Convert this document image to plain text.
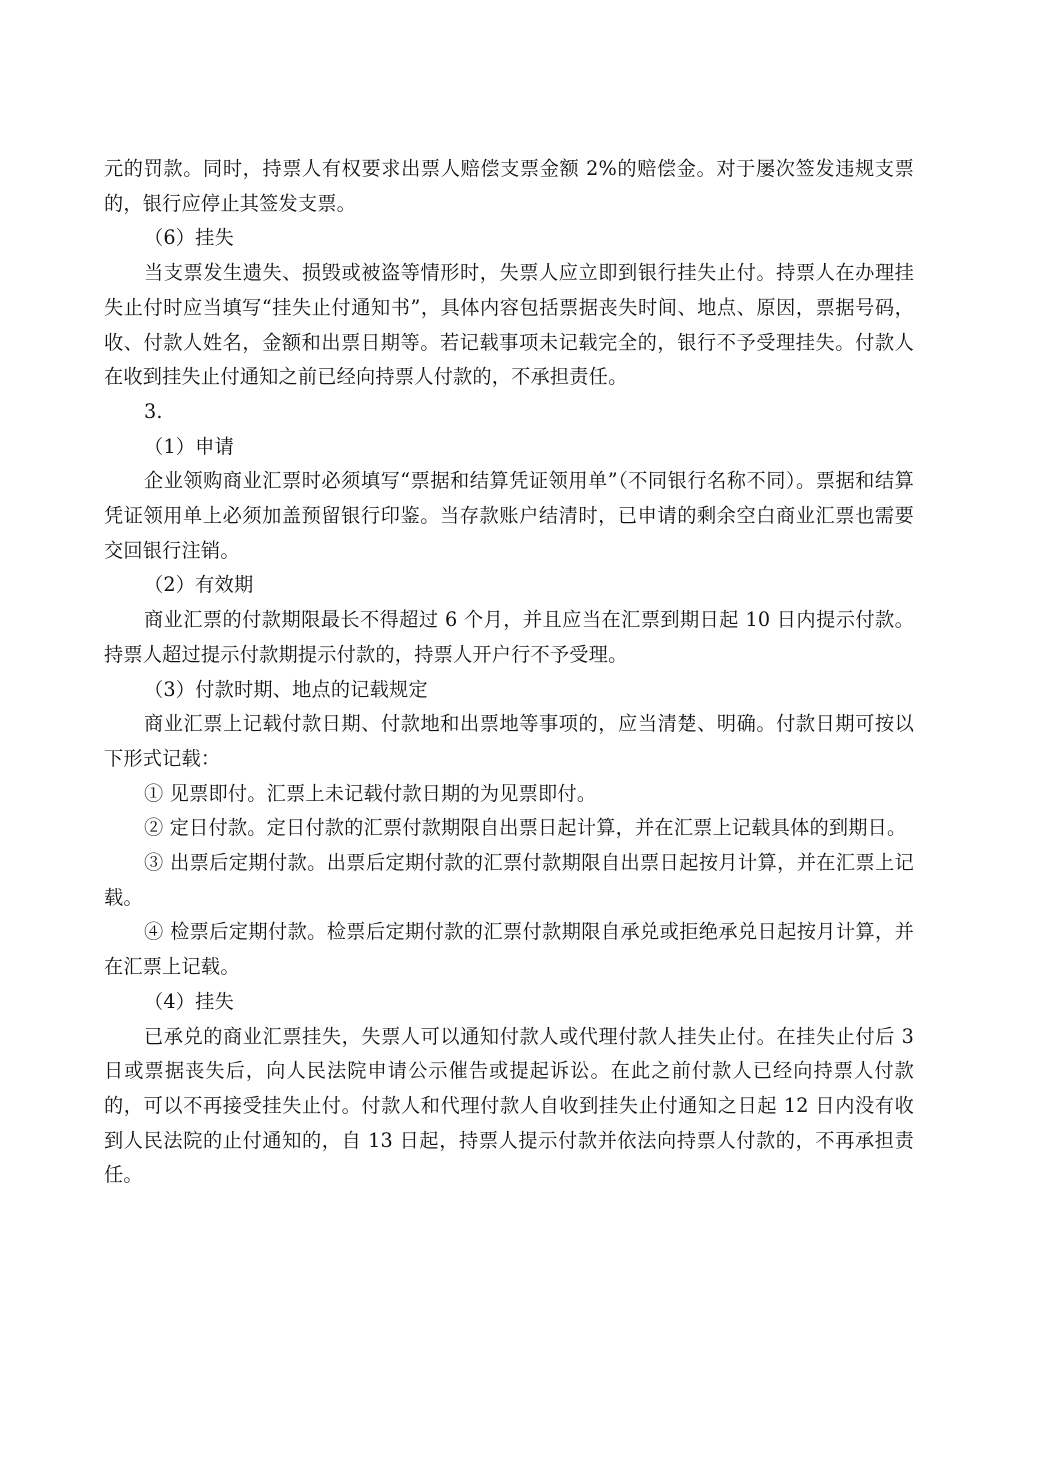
元的罚款。同时，持票人有权要求出票人赔偿支票金额 2%的赔偿金。对于屡次签发违规支票的，银行应停止其签发支票。

（6）挂失

当支票发生遗失、损毁或被盗等情形时，失票人应立即到银行挂失止付。持票人在办理挂失止付时应当填写“挂失止付通知书”，具体内容包括票据丧失时间、地点、原因，票据号码，收、付款人姓名，金额和出票日期等。若记载事项未记载完全的，银行不予受理挂失。付款人在收到挂失止付通知之前已经向持票人付款的，不承担责任。

3.

（1）申请

企业领购商业汇票时必须填写“票据和结算凭证领用单”（不同银行名称不同）。票据和结算凭证领用单上必须加盖预留银行印鉴。当存款账户结清时，已申请的剩余空白商业汇票也需要交回银行注销。

（2）有效期

商业汇票的付款期限最长不得超过 6 个月，并且应当在汇票到期日起 10 日内提示付款。持票人超过提示付款期提示付款的，持票人开户行不予受理。

（3）付款时期、地点的记载规定

商业汇票上记载付款日期、付款地和出票地等事项的，应当清楚、明确。付款日期可按以下形式记载：

① 见票即付。汇票上未记载付款日期的为见票即付。

② 定日付款。定日付款的汇票付款期限自出票日起计算，并在汇票上记载具体的到期日。

③ 出票后定期付款。出票后定期付款的汇票付款期限自出票日起按月计算，并在汇票上记载。

④ 检票后定期付款。检票后定期付款的汇票付款期限自承兑或拒绝承兑日起按月计算，并在汇票上记载。

（4）挂失

已承兑的商业汇票挂失，失票人可以通知付款人或代理付款人挂失止付。在挂失止付后 3 日或票据丧失后，向人民法院申请公示催告或提起诉讼。在此之前付款人已经向持票人付款的，可以不再接受挂失止付。付款人和代理付款人自收到挂失止付通知之日起 12 日内没有收到人民法院的止付通知的，自 13 日起，持票人提示付款并依法向持票人付款的，不再承担责任。
